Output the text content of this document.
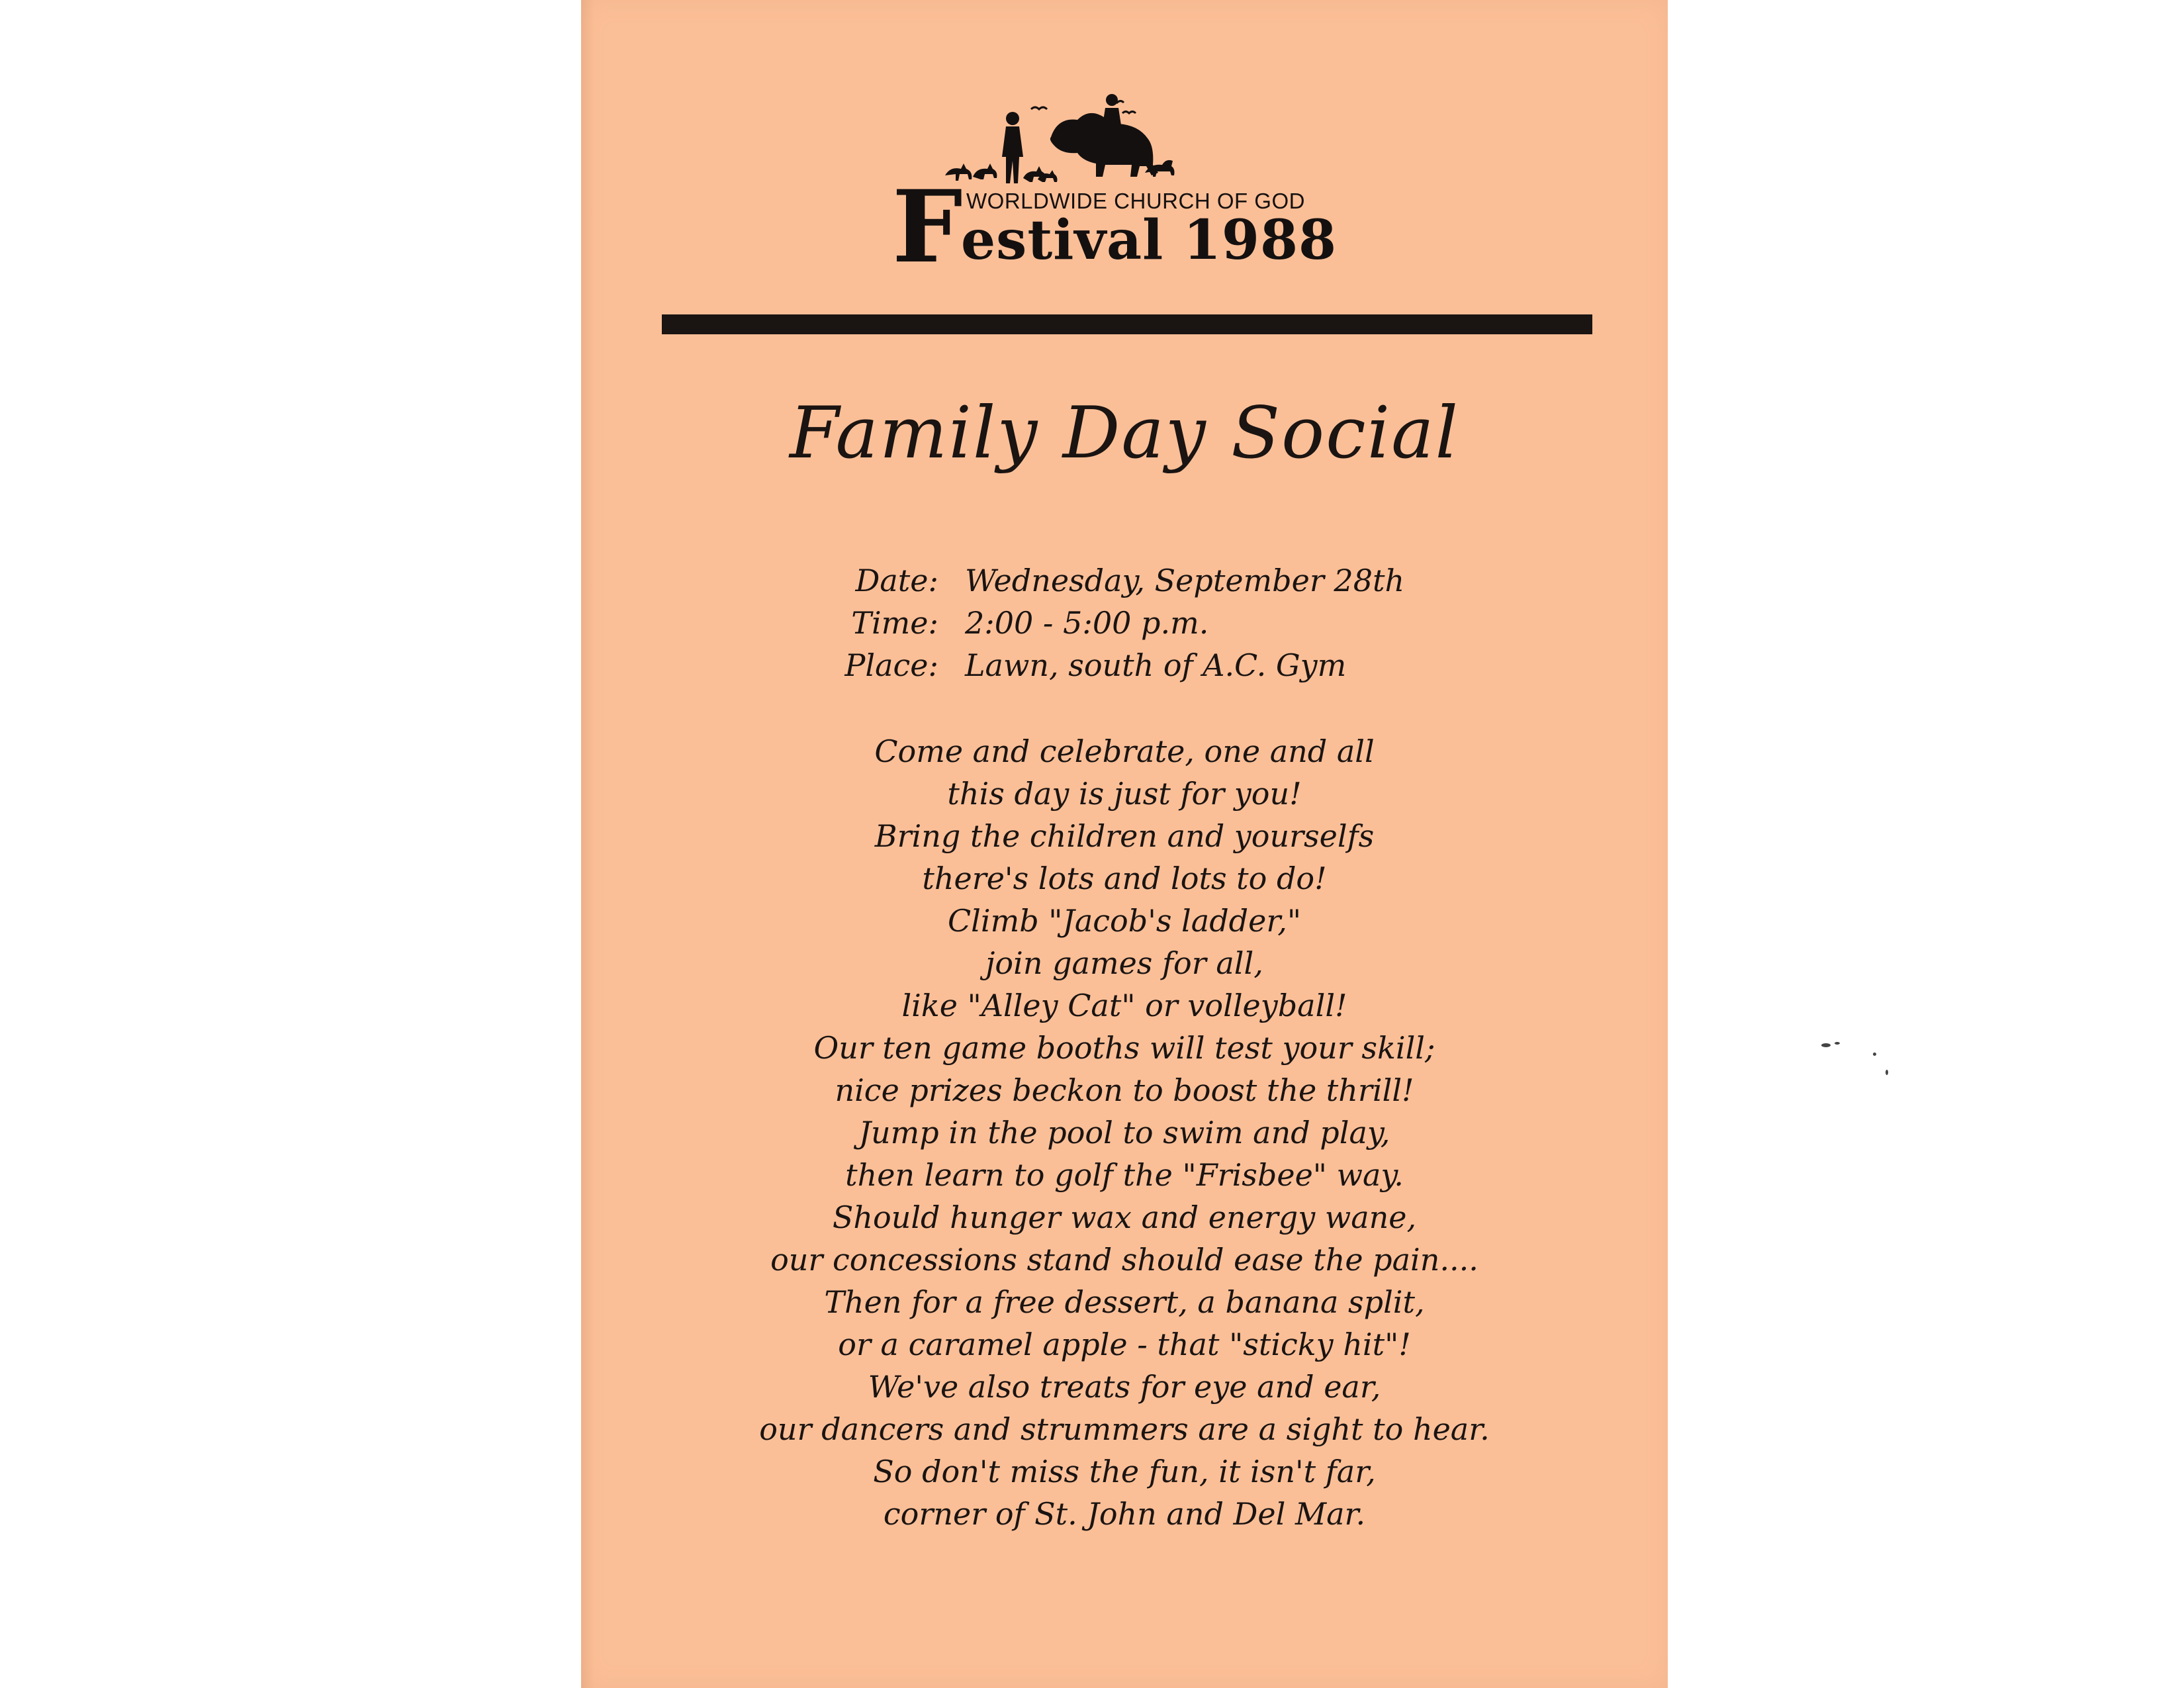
F WORLDWIDE CHURCH OF GOD
estival 1988
Family Day Social
Date: Wednesday, September 28th
Time: 2:00 - 5:00 p.m.
Place: Lawn, south of A.C. Gym
Come and celebrate, one and all
this day is just for you!
Bring the children and yourselfs
there's lots and lots to do!
Climb "Jacob's ladder,"
join games for all,
like "Alley Cat" or volleyball!
Our ten game booths will test your skill;
nice prizes beckon to boost the thrill!
Jump in the pool to swim and play,
then learn to golf the "Frisbee" way.
Should hunger wax and energy wane,
our concessions stand should ease the pain....
Then for a free dessert, a banana split,
or a caramel apple - that "sticky hit"!
We've also treats for eye and ear,
our dancers and strummers are a sight to hear.
So don't miss the fun, it isn't far,
corner of St. John and Del Mar.
